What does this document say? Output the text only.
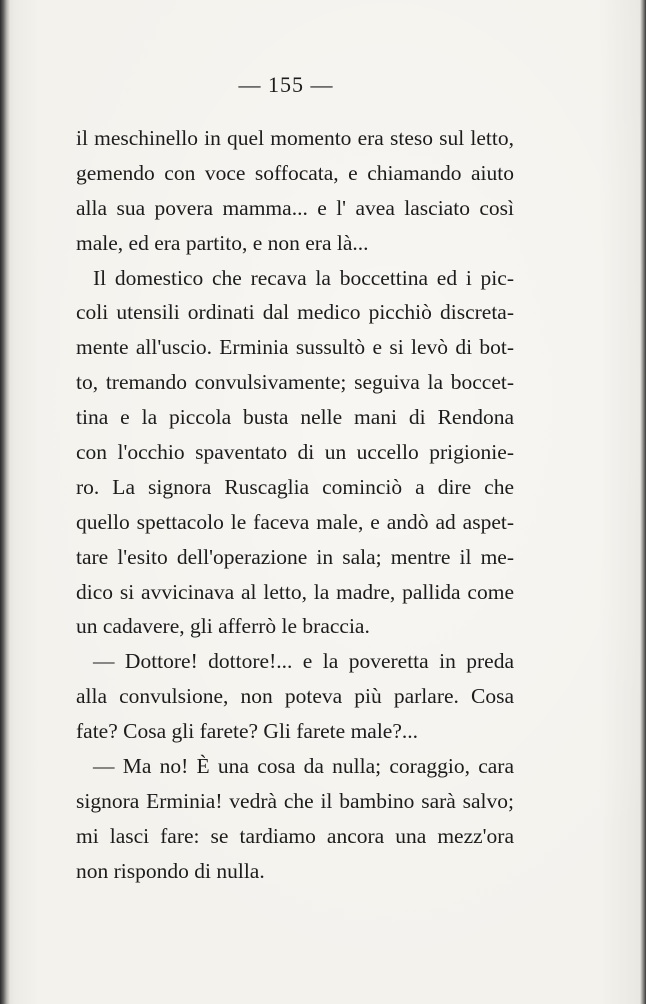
— 155 —
il meschinello in quel momento era steso sul letto,
gemendo con voce soffocata, e chiamando aiuto
alla sua povera mamma... e l' avea lasciato così
male, ed era partito, e non era là...
Il domestico che recava la boccettina ed i pic-
coli utensili ordinati dal medico picchiò discreta-
mente all'uscio. Erminia sussultò e si levò di bot-
to, tremando convulsivamente; seguiva la boccet-
tina e la piccola busta nelle mani di Rendona
con l'occhio spaventato di un uccello prigionie-
ro. La signora Ruscaglia cominciò a dire che
quello spettacolo le faceva male, e andò ad aspet-
tare l'esito dell'operazione in sala; mentre il me-
dico si avvicinava al letto, la madre, pallida come
un cadavere, gli afferrò le braccia.
— Dottore! dottore!... e la poveretta in preda
alla convulsione, non poteva più parlare. Cosa
fate? Cosa gli farete? Gli farete male?...
— Ma no! È una cosa da nulla; coraggio, cara
signora Erminia! vedrà che il bambino sarà salvo;
mi lasci fare: se tardiamo ancora una mezz'ora
non rispondo di nulla.
